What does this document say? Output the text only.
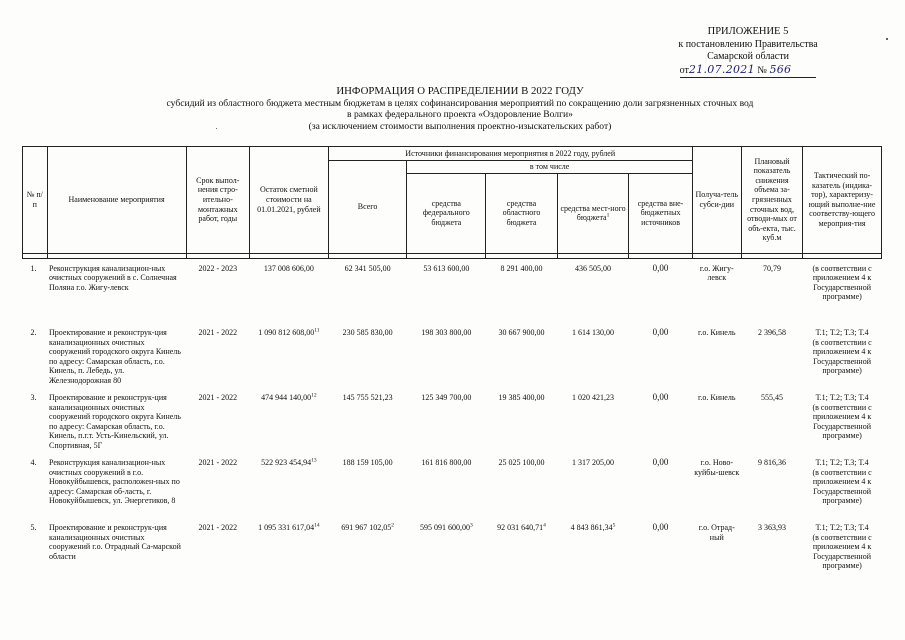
ПРИЛОЖЕНИЕ 5
к постановлению Правительства
Самарской области
от21.07.2021 № 566
ИНФОРМАЦИЯ О РАСПРЕДЕЛЕНИИ В 2022 ГОДУ
субсидий из областного бюджета местным бюджетам в целях софинансирования мероприятий по сокращению доли загрязненных сточных вод
в рамках федерального проекта «Оздоровление Волги»
(за исключением стоимости выполнения проектно-изыскательских работ)
№ п/п	Наименование мероприятия	Срок выпол-нения стро-ительно-монтажных работ, годы	Остаток сметной стоимости на 01.01.2021, рублей	Источники финансирования мероприятия в 2022 году, рублей					Получа-тель субси-дии	Плановый показатель снижения объема за-грязненных сточных вод, отводи-мых от объ-екта, тыс. куб.м	Тактический по-казатель (индика-тор), характеризу-ющий выполне-ние соответству-ющего мероприя-тия
				Всего	в том числе						
					средства федерального бюджета	средства областного бюджета	средства мест-ного бюджета$^1$	средства вне-бюджетных источников			

1.	Реконструкция канализацион-ных очистных сооружений в с. Солнечная Поляна г.о. Жигу-левск	2022 - 2023	137 008 606,00	62 341 505,00	53 613 600,00	8 291 400,00	436 505,00	0,00	г.о. Жигу-левск	70,79	(в соответствии с приложением 4 к Государственной программе)

2.	Проектирование и реконструк-ция канализационных очистных сооружений городского округа Кинель по адресу: Самарская область, г.о. Кинель, п. Лебедь, ул. Железнодорожная 80	2021 - 2022	1 090 812 608,00$^{11}$	230 585 830,00	198 303 800,00	30 667 900,00	1 614 130,00	0,00	г.о. Кинель	2 396,58	Т.1; Т.2; Т.3; Т.4
(в соответствии с приложением 4 к Государственной программе)

3.	Проектирование и реконструк-ция канализационных очистных сооружений городского округа Кинель по адресу: Самарская область, г.о. Кинель, п.г.т. Усть-Кинельский, ул. Спортивная, 5Г	2021 - 2022	474 944 140,00$^{12}$	145 755 521,23	125 349 700,00	19 385 400,00	1 020 421,23	0,00	г.о. Кинель	555,45	Т.1; Т.2; Т.3; Т.4
(в соответствии с приложением 4 к Государственной программе)

4.	Реконструкция канализацион-ных очистных сооружений в г.о. Новокуйбышевск, расположен-ных по адресу: Самарская об-ласть, г. Новокуйбышевск, ул. Энергетиков, 8	2021 - 2022	522 923 454,94$^{13}$	188 159 105,00	161 816 800,00	25 025 100,00	1 317 205,00	0,00	г.о. Ново-куйбы-шевск	9 816,36	Т.1; Т.2; Т.3; Т.4
(в соответствии с приложением 4 к Государственной программе)

5.	Проектирование и реконструк-ция канализационных очистных сооружений г.о. Отрадный Са-марской области	2021 - 2022	1 095 331 617,04$^{14}$	691 967 102,05$^2$	595 091 600,00$^3$	92 031 640,71$^4$	4 843 861,34$^5$	0,00	г.о. Отрад-ный	3 363,93	Т.1; Т.2; Т.3; Т.4
(в соответствии с приложением 4 к Государственной программе)
